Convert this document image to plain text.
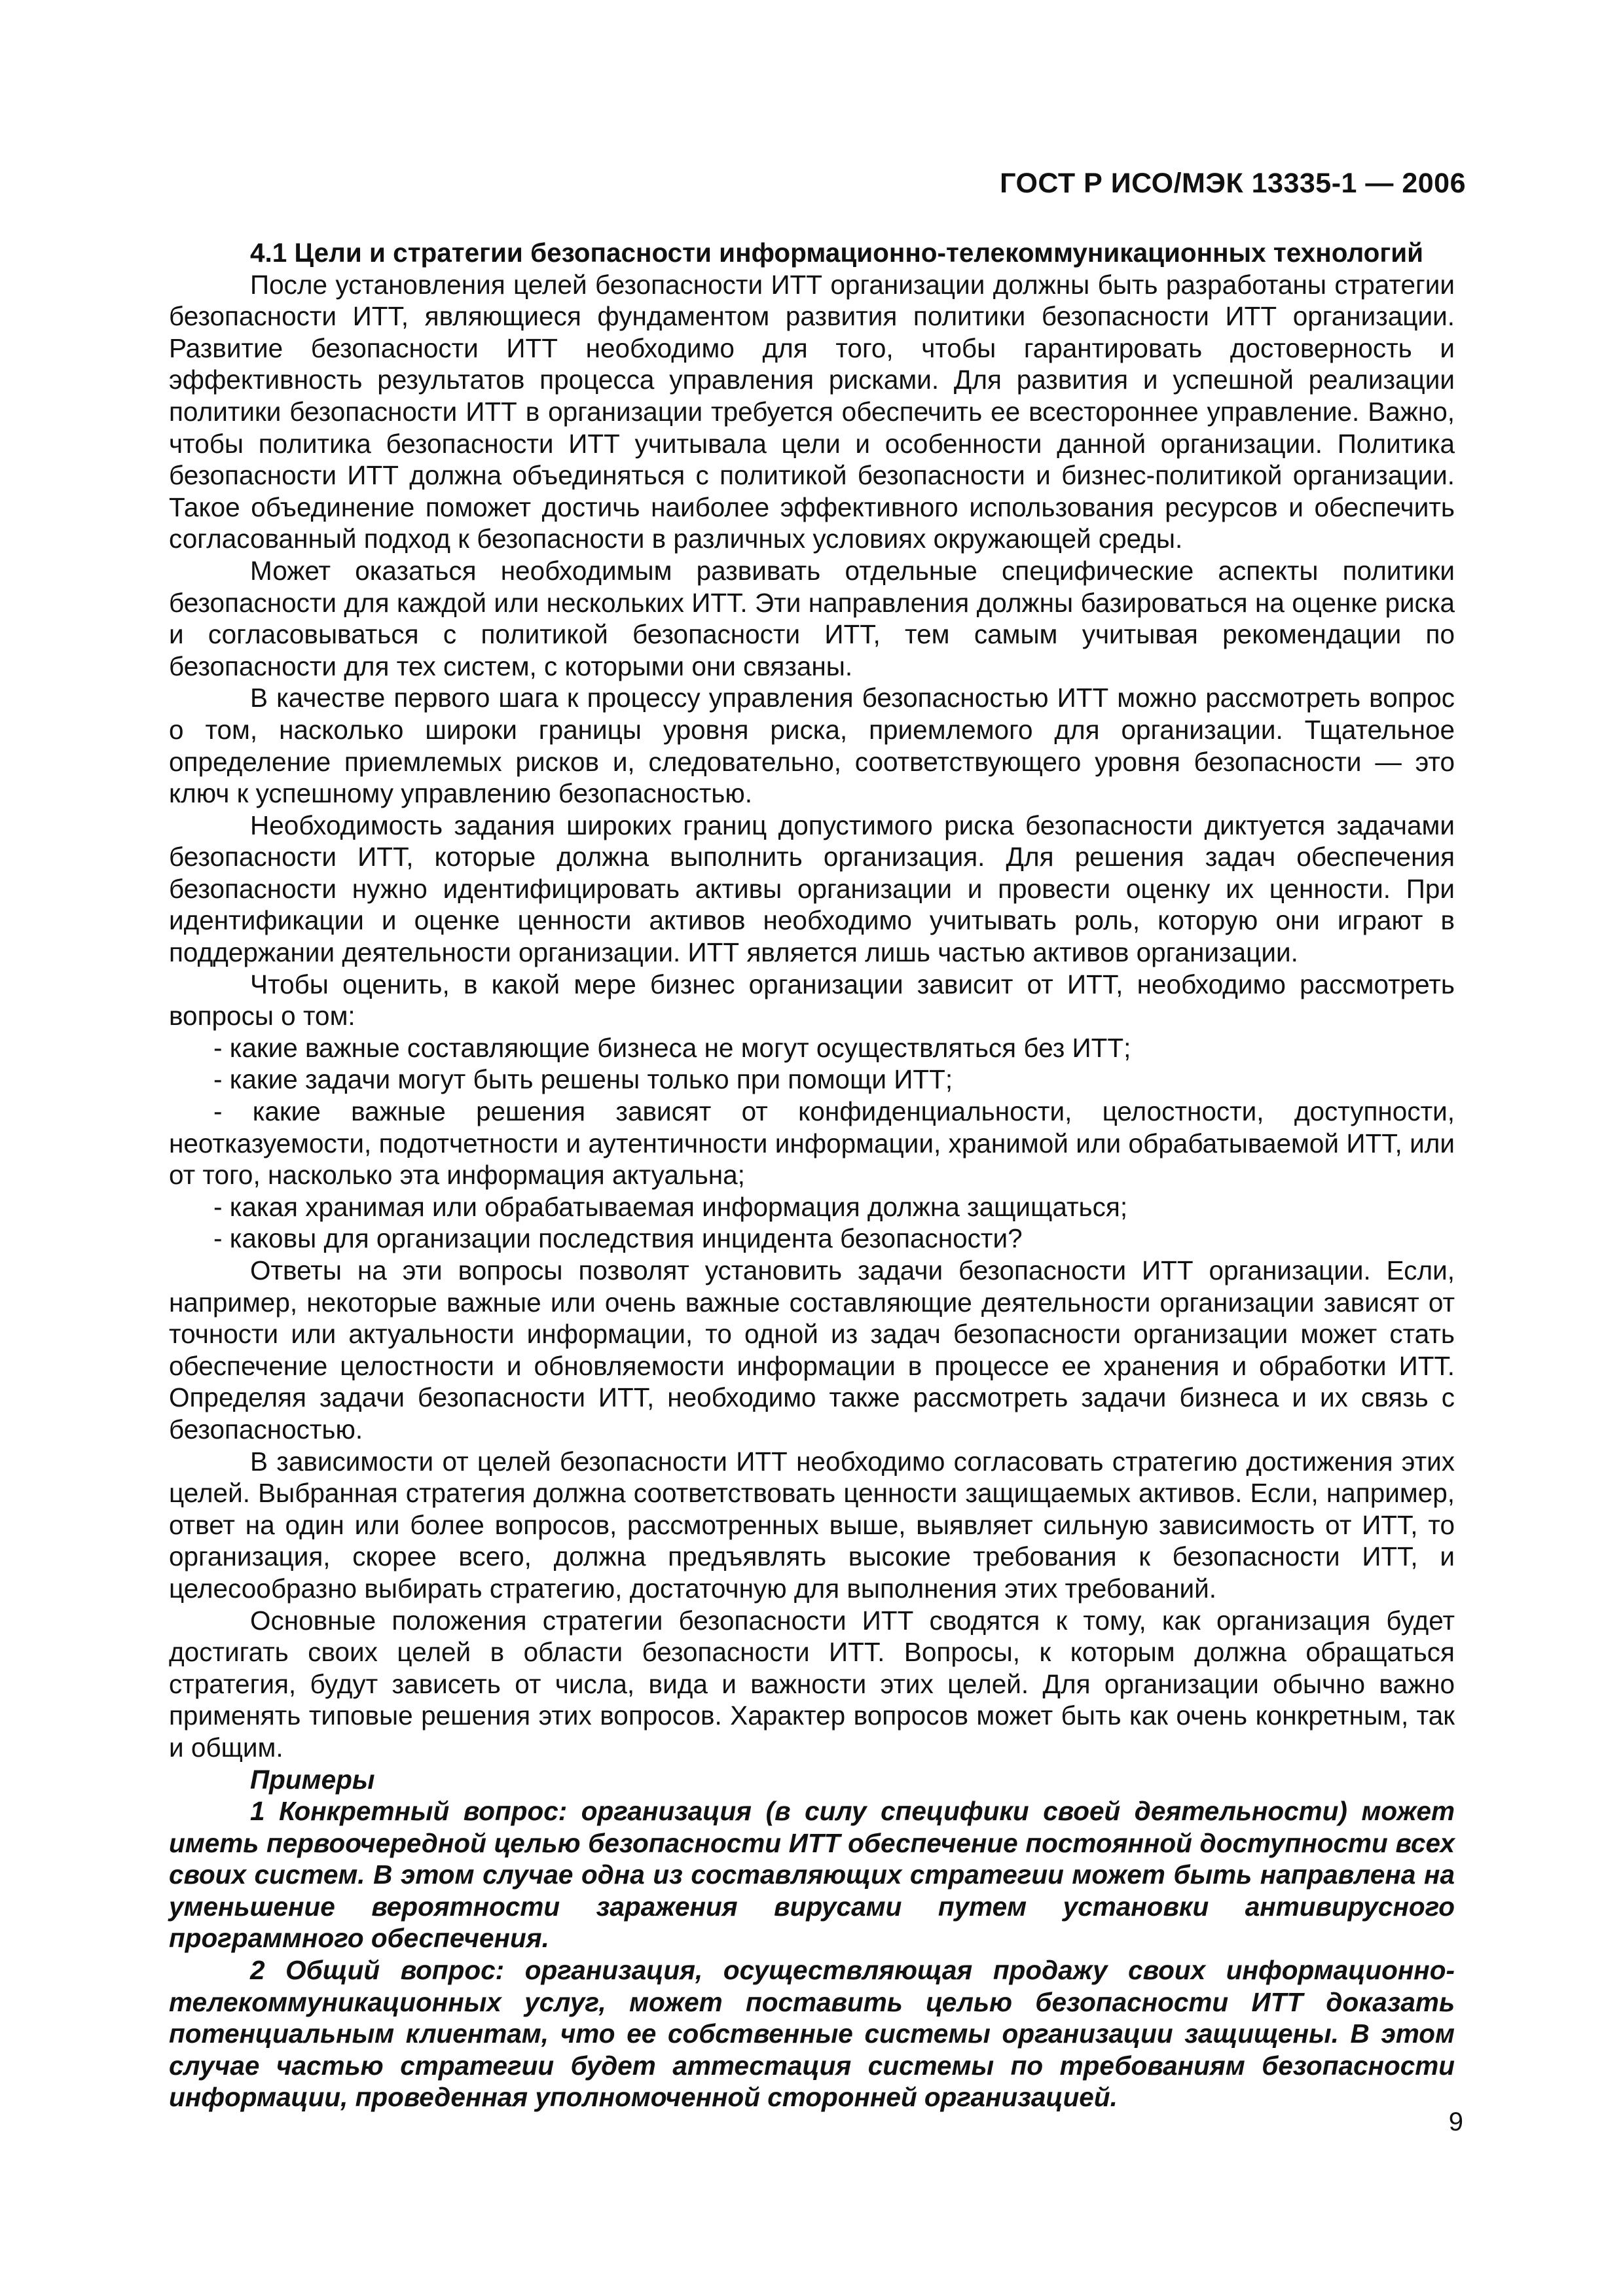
ГОСТ Р ИСО/МЭК 13335-1 — 2006

4.1 Цели и стратегии безопасности информационно-телекоммуникационных технологий

После установления целей безопасности ИТТ организации должны быть разработаны стратегии безопасности ИТТ, являющиеся фундаментом развития политики безопасности ИТТ организации. Развитие безопасности ИТТ необходимо для того, чтобы гарантировать достоверность и эффективность результатов процесса управления рисками. Для развития и успешной реализации политики безопасности ИТТ в организации требуется обеспечить ее всестороннее управление. Важно, чтобы политика безопасности ИТТ учитывала цели и особенности данной организации. Политика безопасности ИТТ должна объединяться с политикой безопасности и бизнес-политикой организации. Такое объединение поможет достичь наиболее эффективного использования ресурсов и обеспечить согласованный подход к безопасности в различных условиях окружающей среды.

Может оказаться необходимым развивать отдельные специфические аспекты политики безопасности для каждой или нескольких ИТТ. Эти направления должны базироваться на оценке риска и согласовываться с политикой безопасности ИТТ, тем самым учитывая рекомендации по безопасности для тех систем, с которыми они связаны.

В качестве первого шага к процессу управления безопасностью ИТТ можно рассмотреть вопрос о том, насколько широки границы уровня риска, приемлемого для организации. Тщательное определение приемлемых рисков и, следовательно, соответствующего уровня безопасности — это ключ к успешному управлению безопасностью.

Необходимость задания широких границ допустимого риска безопасности диктуется задачами безопасности ИТТ, которые должна выполнить организация. Для решения задач обеспечения безопасности нужно идентифицировать активы организации и провести оценку их ценности. При идентификации и оценке ценности активов необходимо учитывать роль, которую они играют в поддержании деятельности организации. ИТТ является лишь частью активов организации.

Чтобы оценить, в какой мере бизнес организации зависит от ИТТ, необходимо рассмотреть вопросы о том:

- какие важные составляющие бизнеса не могут осуществляться без ИТТ;

- какие задачи могут быть решены только при помощи ИТТ;

- какие важные решения зависят от конфиденциальности, целостности, доступности, неотказуемости, подотчетности и аутентичности информации, хранимой или обрабатываемой ИТТ, или от того, насколько эта информация актуальна;

- какая хранимая или обрабатываемая информация должна защищаться;

- каковы для организации последствия инцидента безопасности?

Ответы на эти вопросы позволят установить задачи безопасности ИТТ организации. Если, например, некоторые важные или очень важные составляющие деятельности организации зависят от точности или актуальности информации, то одной из задач безопасности организации может стать обеспечение целостности и обновляемости информации в процессе ее хранения и обработки ИТТ. Определяя задачи безопасности ИТТ, необходимо также рассмотреть задачи бизнеса и их связь с безопасностью.

В зависимости от целей безопасности ИТТ необходимо согласовать стратегию достижения этих целей. Выбранная стратегия должна соответствовать ценности защищаемых активов. Если, например, ответ на один или более вопросов, рассмотренных выше, выявляет сильную зависимость от ИТТ, то организация, скорее всего, должна предъявлять высокие требования к безопасности ИТТ, и целесообразно выбирать стратегию, достаточную для выполнения этих требований.

Основные положения стратегии безопасности ИТТ сводятся к тому, как организация будет достигать своих целей в области безопасности ИТТ. Вопросы, к которым должна обращаться стратегия, будут зависеть от числа, вида и важности этих целей. Для организации обычно важно применять типовые решения этих вопросов. Характер вопросов может быть как очень конкретным, так и общим.

Примеры

1 Конкретный вопрос: организация (в силу специфики своей деятельности) может иметь первоочередной целью безопасности ИТТ обеспечение постоянной доступности всех своих систем. В этом случае одна из составляющих стратегии может быть направлена на уменьшение вероятности заражения вирусами путем установки антивирусного программного обеспечения.

2 Общий вопрос: организация, осуществляющая продажу своих информационно-телекоммуникационных услуг, может поставить целью безопасности ИТТ доказать потенциальным клиентам, что ее собственные системы организации защищены. В этом случае частью стратегии будет аттестация системы по требованиям безопасности информации, проведенная уполномоченной сторонней организацией.

9
